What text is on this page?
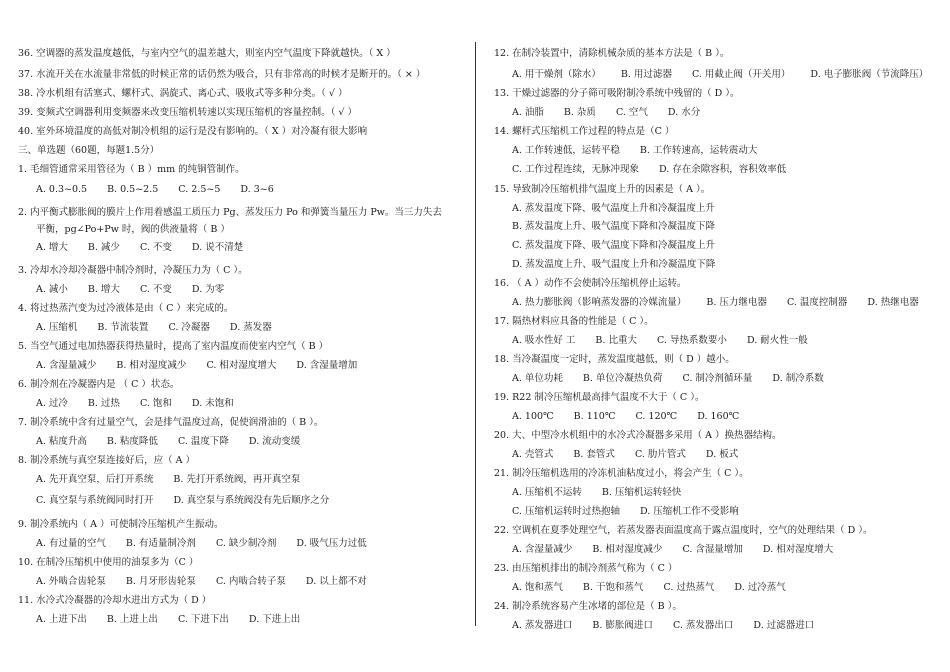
36. 空调器的蒸发温度越低，与室内空气的温差越大，则室内空气温度下降就越快。（ X ）
37. 水流开关在水流量非常低的时候正常的话仍然为吸合，只有非常高的时候才是断开的。（ × ）
38. 冷水机组有活塞式、螺杆式、涡旋式、离心式、吸收式等多种分类。（ √ ）
39. 变频式空调器利用变频器来改变压缩机转速以实现压缩机的容量控制。（ √ ）
40. 室外环境温度的高低对制冷机组的运行是没有影响的。（ X ）对冷凝有很大影响
三、单选题（60题，每题1.5分）
1. 毛细管通常采用管径为（ B ）mm 的纯铜管制作。
A. 0.3~0.5 B. 0.5~2.5 C. 2.5~5 D. 3~6
2. 内平衡式膨胀阀的膜片上作用着感温工质压力 Pg、蒸发压力 Po 和弹簧当量压力 Pw。当三力失去
平衡，pg∠Po+Pw 时，阀的供液量将（ B ）
A. 增大 B. 减少 C. 不变 D. 说不清楚
3. 冷却水冷却冷凝器中制冷剂时，冷凝压力为（ C ）。
A. 减小 B. 增大 C. 不变 D. 为零
4. 将过热蒸汽变为过冷液体是由（ C ）来完成的。
A. 压缩机 B. 节流装置 C. 冷凝器 D. 蒸发器
5. 当空气通过电加热器获得热量时，提高了室内温度而使室内空气（ B ）
A. 含湿量减少 B. 相对湿度减少 C. 相对湿度增大 D. 含湿量增加
6. 制冷剂在冷凝器内是 （ C ）状态。
A. 过冷 B. 过热 C. 饱和 D. 未饱和
7. 制冷系统中含有过量空气，会是排气温度过高，促使润滑油的（ B ）。
A. 粘度升高 B. 粘度降低 C. 温度下降 D. 流动变缓
8. 制冷系统与真空泵连接好后，应（ A ）
A. 先开真空泵，后打开系统 B. 先打开系统阀，再开真空泵
C. 真空泵与系统阀同时打开 D. 真空泵与系统阀没有先后顺序之分
9. 制冷系统内（ A ）可使制冷压缩机产生振动。
A. 有过量的空气 B. 有适量制冷剂 C. 缺少制冷剂 D. 吸气压力过低
10. 在制冷压缩机中使用的油泵多为（C ）
A. 外啮合齿轮泵 B. 月牙形齿轮泵 C. 内啮合转子泵 D. 以上都不对
11. 水冷式冷凝器的冷却水进出方式为（ D ）
A. 上进下出 B. 上进上出 C. 下进下出 D. 下进上出
12. 在制冷装置中，清除机械杂质的基本方法是（ B ）。
A. 用干燥剂（除水） B. 用过滤器 C. 用截止阀（开关用） D. 电子膨胀阀（节流降压）
13. 干燥过滤器的分子筛可吸附制冷系统中残留的（ D ）。
A. 油脂 B. 杂质 C. 空气 D. 水分
14. 螺杆式压缩机工作过程的特点是（C ）
A. 工作转速低，运转平稳 B. 工作转速高，运转震动大
C. 工作过程连续，无脉冲现象 D. 存在余隙容积，容积效率低
15. 导致制冷压缩机排气温度上升的因素是（ A ）。
A. 蒸发温度下降、吸气温度上升和冷凝温度上升
B. 蒸发温度上升、吸气温度下降和冷凝温度下降
C. 蒸发温度下降、吸气温度下降和冷凝温度上升
D. 蒸发温度上升、吸气温度上升和冷凝温度下降
16. （ A ）动作不会使制冷压缩机停止运转。
A. 热力膨胀阀（影响蒸发器的冷媒流量） B. 压力继电器 C. 温度控制器 D. 热继电器
17. 隔热材料应具备的性能是（ C ）。
A. 吸水性好 工 B. 比重大 C. 导热系数要小 D. 耐火性一般
18. 当冷凝温度一定时，蒸发温度越低，则（ D ）越小。
A. 单位功耗 B. 单位冷凝热负荷 C. 制冷剂循环量 D. 制冷系数
19. R22 制冷压缩机最高排气温度不大于（ C ）。
A. 100℃ B. 110℃ C. 120℃ D. 160℃
20. 大、中型冷水机组中的水冷式冷凝器多采用（ A ）换热器结构。
A. 壳管式 B. 套管式 C. 肋片管式 D. 板式
21. 制冷压缩机选用的冷冻机油粘度过小，将会产生（ C ）。
A. 压缩机不运转 B. 压缩机运转轻快
C. 压缩机运转时过热抱轴 D. 压缩机工作不受影响
22. 空调机在夏季处理空气，若蒸发器表面温度高于露点温度时，空气的处理结果（ D ）。
A. 含湿量减少 B. 相对湿度减少 C. 含湿量增加 D. 相对湿度增大
23. 由压缩机排出的制冷剂蒸气称为（ C ）
A. 饱和蒸气 B. 干饱和蒸气 C. 过热蒸气 D. 过冷蒸气
24. 制冷系统容易产生冰堵的部位是（ B ）。
A. 蒸发器进口 B. 膨胀阀进口 C. 蒸发器出口 D. 过滤器进口
